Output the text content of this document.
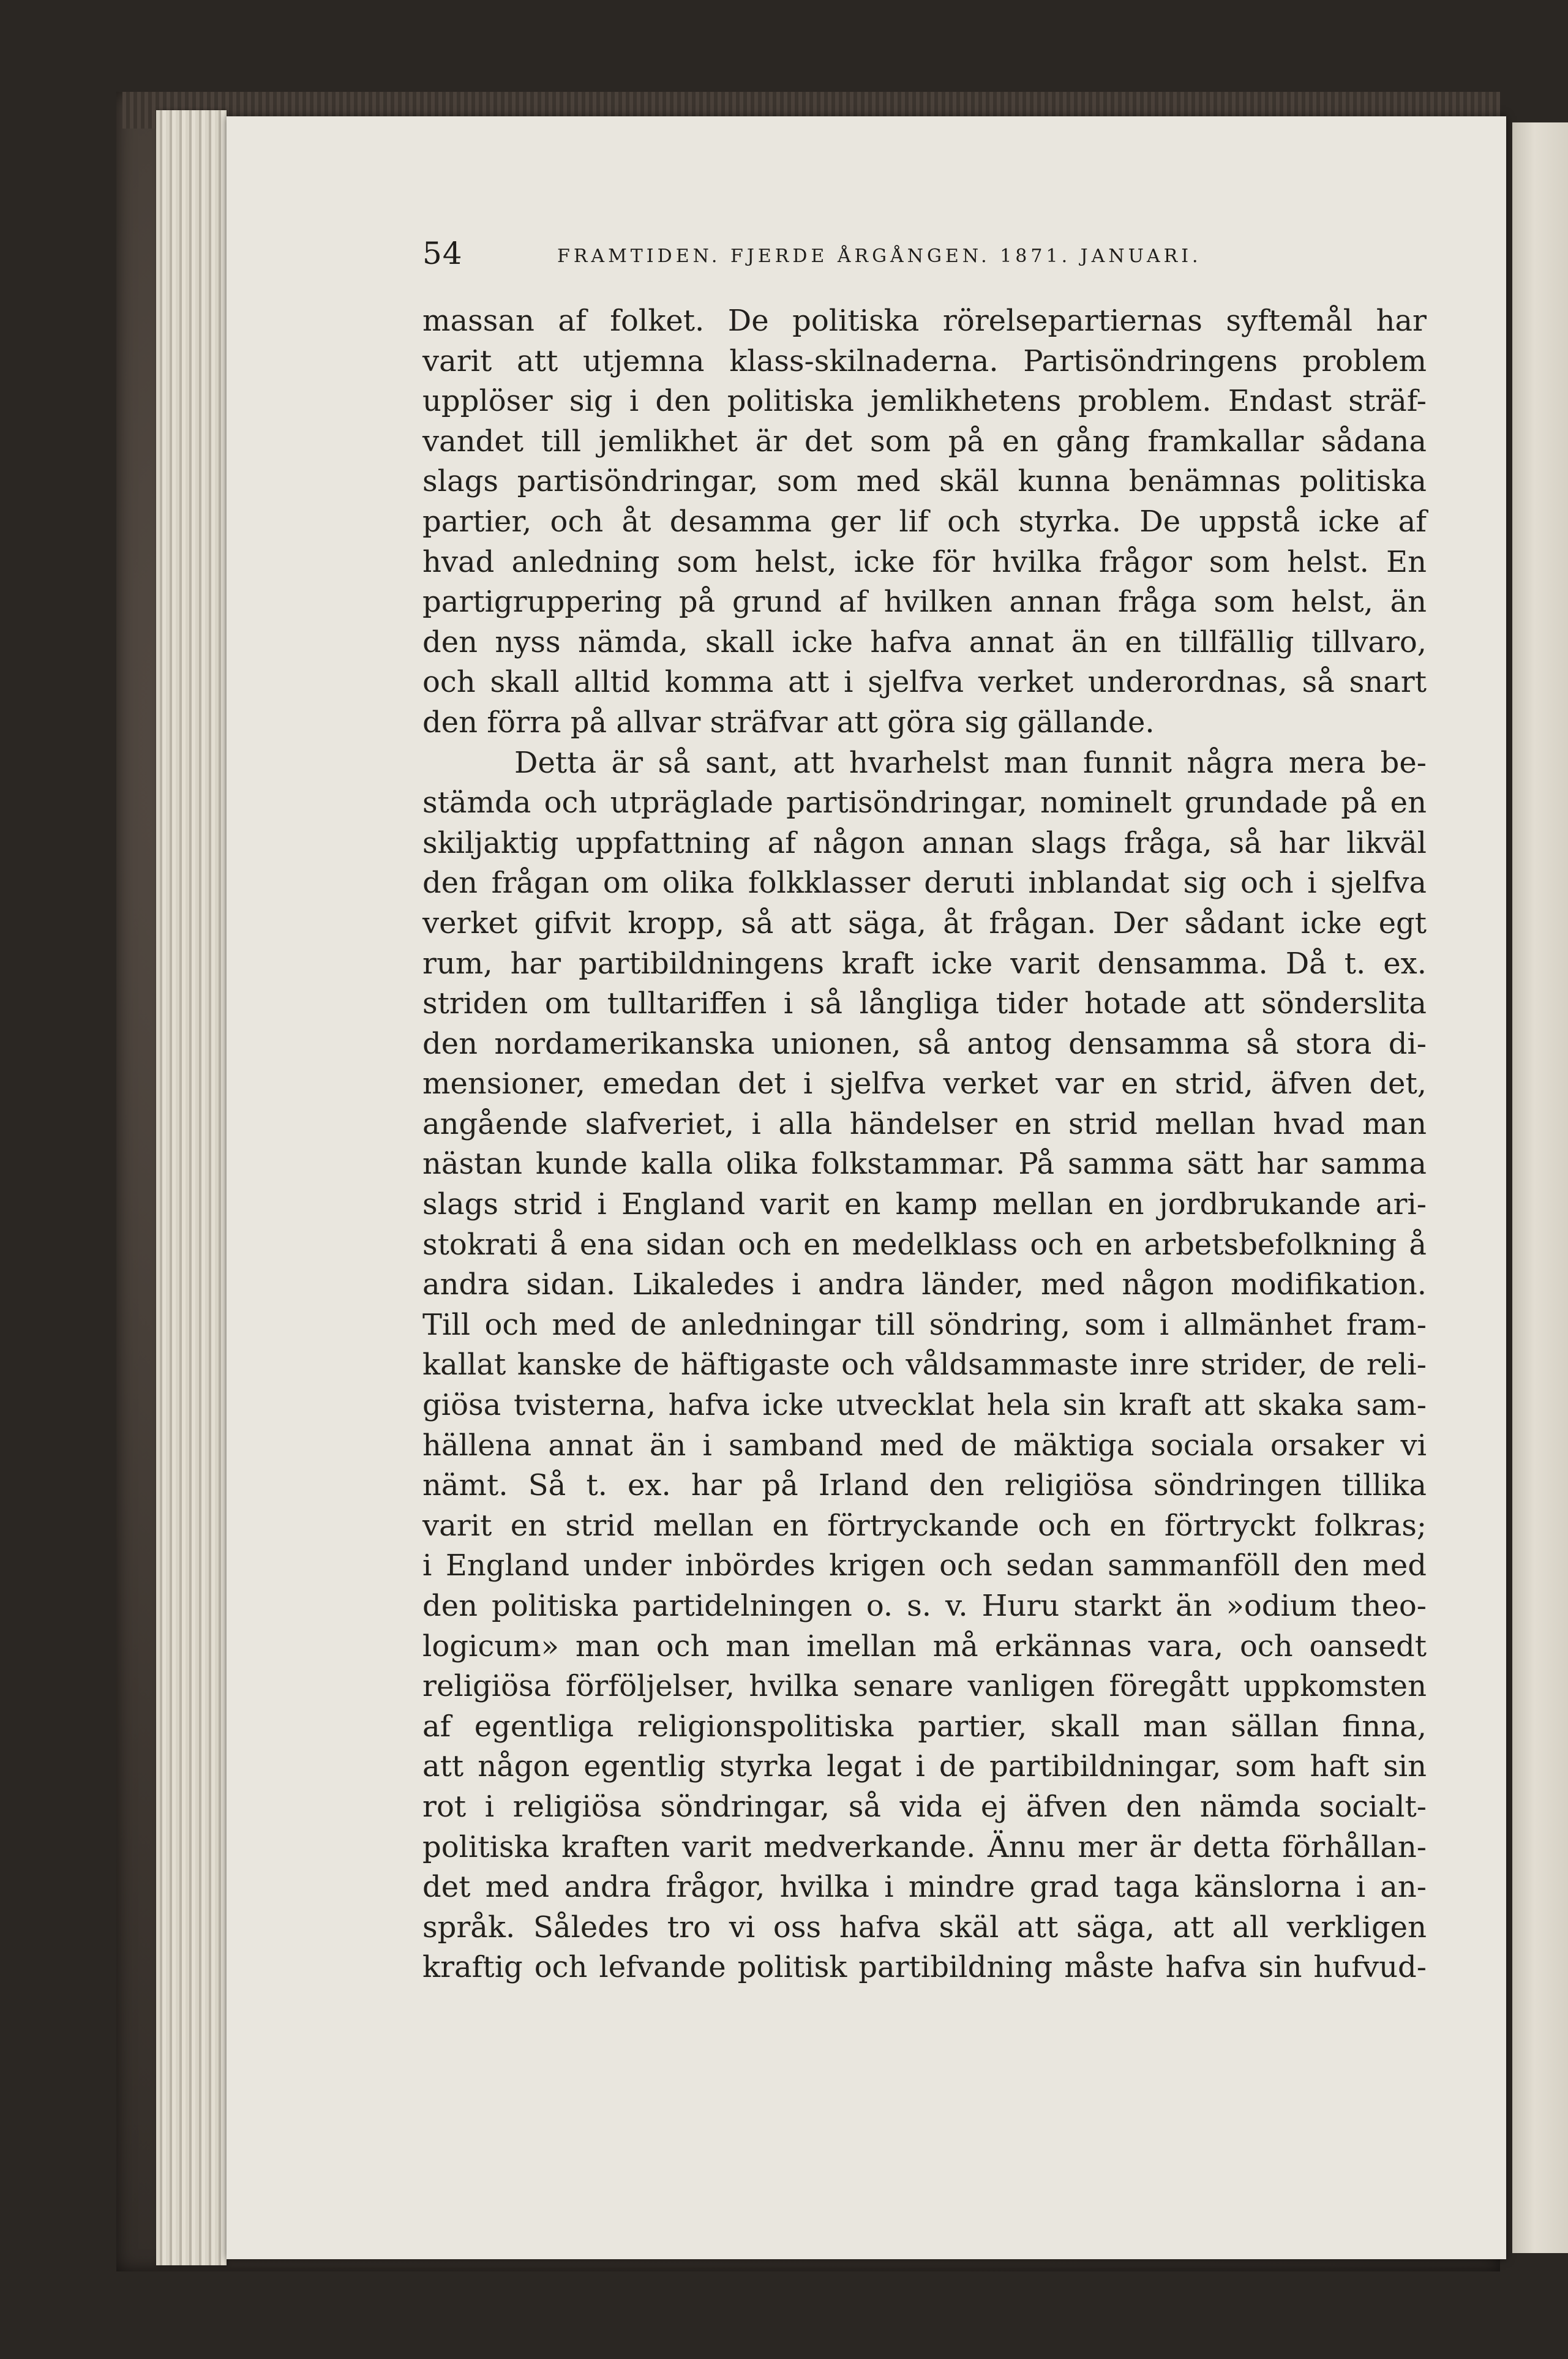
54	FRAMTIDEN. FJERDE ÅRGÅNGEN. 1871. JANUARI.
massan af folket. De politiska rörelsepartiernas syftemål har
varit att utjemna klass-skilnaderna. Partisöndringens problem
upplöser sig i den politiska jemlikhetens problem. Endast sträf-
vandet till jemlikhet är det som på en gång framkallar sådana
slags partisöndringar, som med skäl kunna benämnas politiska
partier, och åt desamma ger lif och styrka. De uppstå icke af
hvad anledning som helst, icke för hvilka frågor som helst. En
partigruppering på grund af hvilken annan fråga som helst, än
den nyss nämda, skall icke hafva annat än en tillfällig tillvaro,
och skall alltid komma att i sjelfva verket underordnas, så snart
den förra på allvar sträfvar att göra sig gällande.
Detta är så sant, att hvarhelst man funnit några mera be-
stämda och utpräglade partisöndringar, nominelt grundade på en
skiljaktig uppfattning af någon annan slags fråga, så har likväl
den frågan om olika folkklasser deruti inblandat sig och i sjelfva
verket gifvit kropp, så att säga, åt frågan. Der sådant icke egt
rum, har partibildningens kraft icke varit densamma. Då t. ex.
striden om tulltariffen i så långliga tider hotade att sönderslita
den nordamerikanska unionen, så antog densamma så stora di-
mensioner, emedan det i sjelfva verket var en strid, äfven det,
angående slafveriet, i alla händelser en strid mellan hvad man
nästan kunde kalla olika folkstammar. På samma sätt har samma
slags strid i England varit en kamp mellan en jordbrukande ari-
stokrati å ena sidan och en medelklass och en arbetsbefolkning å
andra sidan. Likaledes i andra länder, med någon modifikation.
Till och med de anledningar till söndring, som i allmänhet fram-
kallat kanske de häftigaste och våldsammaste inre strider, de reli-
giösa tvisterna, hafva icke utvecklat hela sin kraft att skaka sam-
hällena annat än i samband med de mäktiga sociala orsaker vi
nämt. Så t. ex. har på Irland den religiösa söndringen tillika
varit en strid mellan en förtryckande och en förtryckt folkras;
i England under inbördes krigen och sedan sammanföll den med
den politiska partidelningen o. s. v. Huru starkt än »odium theo-
logicum» man och man imellan må erkännas vara, och oansedt
religiösa förföljelser, hvilka senare vanligen föregått uppkomsten
af egentliga religionspolitiska partier, skall man sällan finna,
att någon egentlig styrka legat i de partibildningar, som haft sin
rot i religiösa söndringar, så vida ej äfven den nämda socialt-
politiska kraften varit medverkande. Ännu mer är detta förhållan-
det med andra frågor, hvilka i mindre grad taga känslorna i an-
språk. Således tro vi oss hafva skäl att säga, att all verkligen
kraftig och lefvande politisk partibildning måste hafva sin hufvud-
